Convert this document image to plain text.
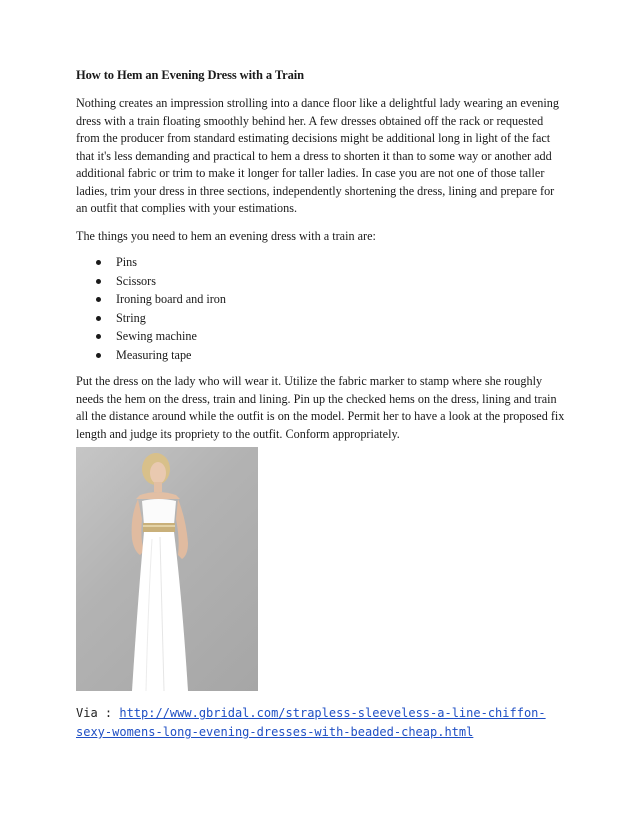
How to Hem an Evening Dress with a Train

Nothing creates an impression strolling into a dance floor like a delightful lady wearing an evening dress with a train floating smoothly behind her. A few dresses obtained off the rack or requested from the producer from standard estimating decisions might be additional long in light of the fact that it's less demanding and practical to hem a dress to shorten it than to some way or another add additional fabric or trim to make it longer for taller ladies. In case you are not one of those taller ladies, trim your dress in three sections, independently shortening the dress, lining and prepare for an outfit that complies with your estimations.

The things you need to hem an evening dress with a train are:

Pins
Scissors
Ironing board and iron
String
Sewing machine
Measuring tape

Put the dress on the lady who will wear it. Utilize the fabric marker to stamp where she roughly needs the hem on the dress, train and lining. Pin up the checked hems on the dress, lining and train all the distance around while the outfit is on the model. Permit her to have a look at the proposed fix length and judge its propriety to the outfit. Conform appropriately.

Via : http://www.gbridal.com/strapless-sleeveless-a-line-chiffon-sexy-womens-long-evening-dresses-with-beaded-cheap.html
